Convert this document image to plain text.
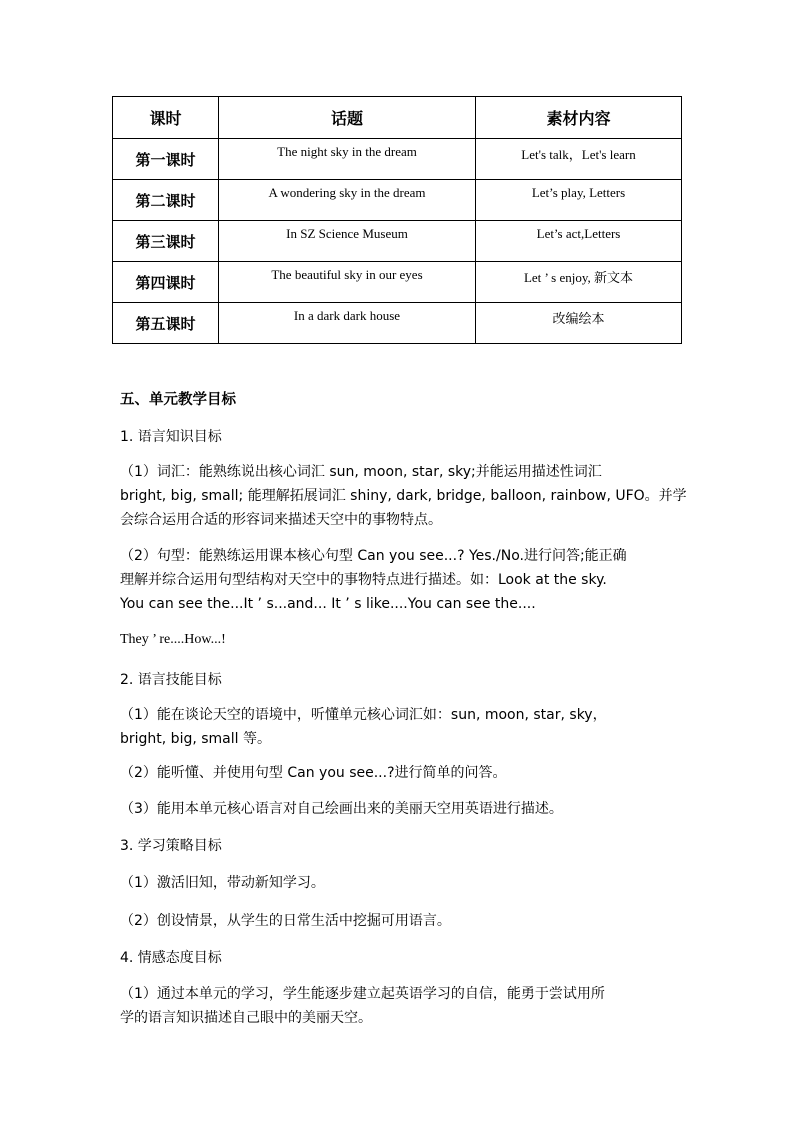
课时	话题	素材内容
第一课时	The night sky in the dream	Let's talk，Let's learn
第二课时	A wondering sky in the dream	Let’s play, Letters
第三课时	In SZ Science Museum	Let’s act,Letters
第四课时	The beautiful sky in our eyes	Let ’ s enjoy, 新文本
第五课时	In a dark dark house	改编绘本
五、单元教学目标
1. 语言知识目标
（1）词汇：能熟练说出核心词汇 sun, moon, star, sky;并能运用描述性词汇
bright, big, small; 能理解拓展词汇 shiny, dark, bridge, balloon, rainbow, UFO。并学
会综合运用合适的形容词来描述天空中的事物特点。
（2）句型：能熟练运用课本核心句型 Can you see...? Yes./No.进行问答;能正确
理解并综合运用句型结构对天空中的事物特点进行描述。如：Look at the sky.
You can see the...It ’ s...and... It ’ s like....You can see the....
They ’ re....How...!
2. 语言技能目标
（1）能在谈论天空的语境中，听懂单元核心词汇如：sun, moon, star, sky，
bright, big, small 等。
（2）能听懂、并使用句型 Can you see...?进行简单的问答。
（3）能用本单元核心语言对自己绘画出来的美丽天空用英语进行描述。
3. 学习策略目标
（1）激活旧知，带动新知学习。
（2）创设情景，从学生的日常生活中挖掘可用语言。
4. 情感态度目标
（1）通过本单元的学习，学生能逐步建立起英语学习的自信，能勇于尝试用所
学的语言知识描述自己眼中的美丽天空。
